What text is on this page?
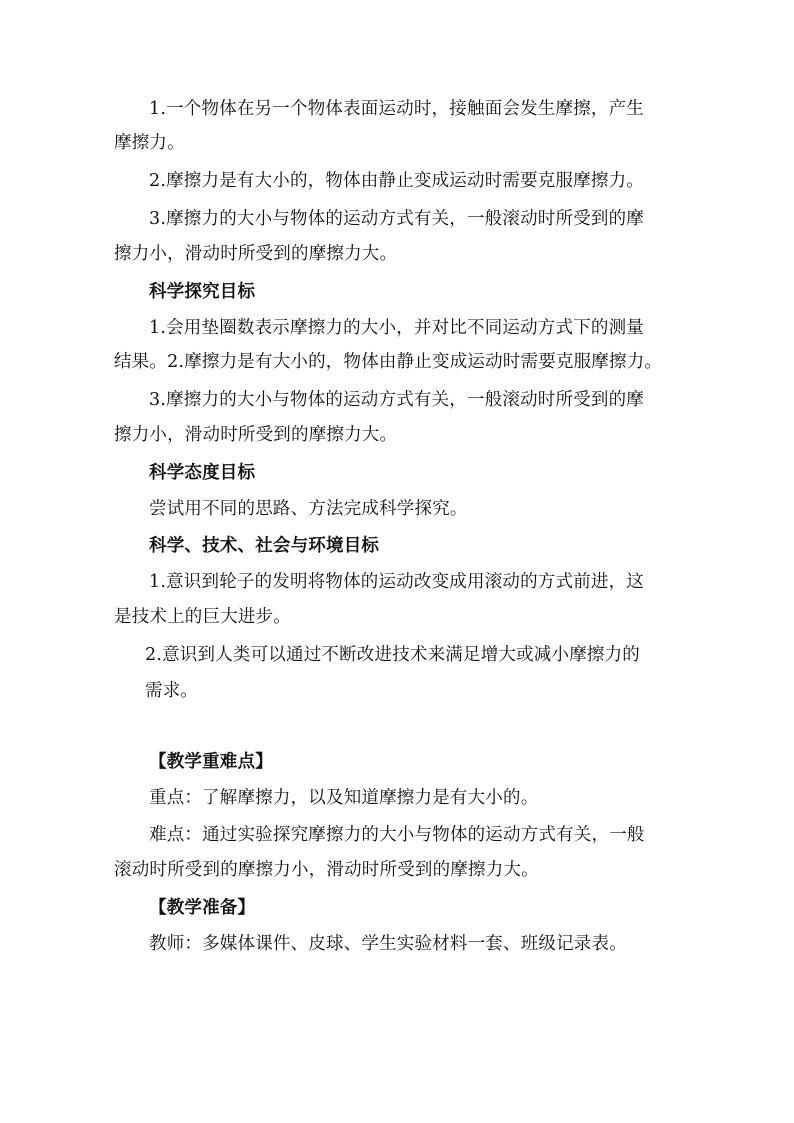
1.一个物体在另一个物体表面运动时，接触面会发生摩擦，产生

摩擦力。

2.摩擦力是有大小的，物体由静止变成运动时需要克服摩擦力。

3.摩擦力的大小与物体的运动方式有关，一般滚动时所受到的摩

擦力小，滑动时所受到的摩擦力大。

科学探究目标

1.会用垫圈数表示摩擦力的大小，并对比不同运动方式下的测量

结果。2.摩擦力是有大小的，物体由静止变成运动时需要克服摩擦力。

3.摩擦力的大小与物体的运动方式有关，一般滚动时所受到的摩

擦力小，滑动时所受到的摩擦力大。

科学态度目标

尝试用不同的思路、方法完成科学探究。

科学、技术、社会与环境目标

1.意识到轮子的发明将物体的运动改变成用滚动的方式前进，这

是技术上的巨大进步。

2.意识到人类可以通过不断改进技术来满足增大或减小摩擦力的

需求。

【教学重难点】

重点：了解摩擦力，以及知道摩擦力是有大小的。

难点：通过实验探究摩擦力的大小与物体的运动方式有关，一般

滚动时所受到的摩擦力小，滑动时所受到的摩擦力大。

【教学准备】

教师：多媒体课件、皮球、学生实验材料一套、班级记录表。
